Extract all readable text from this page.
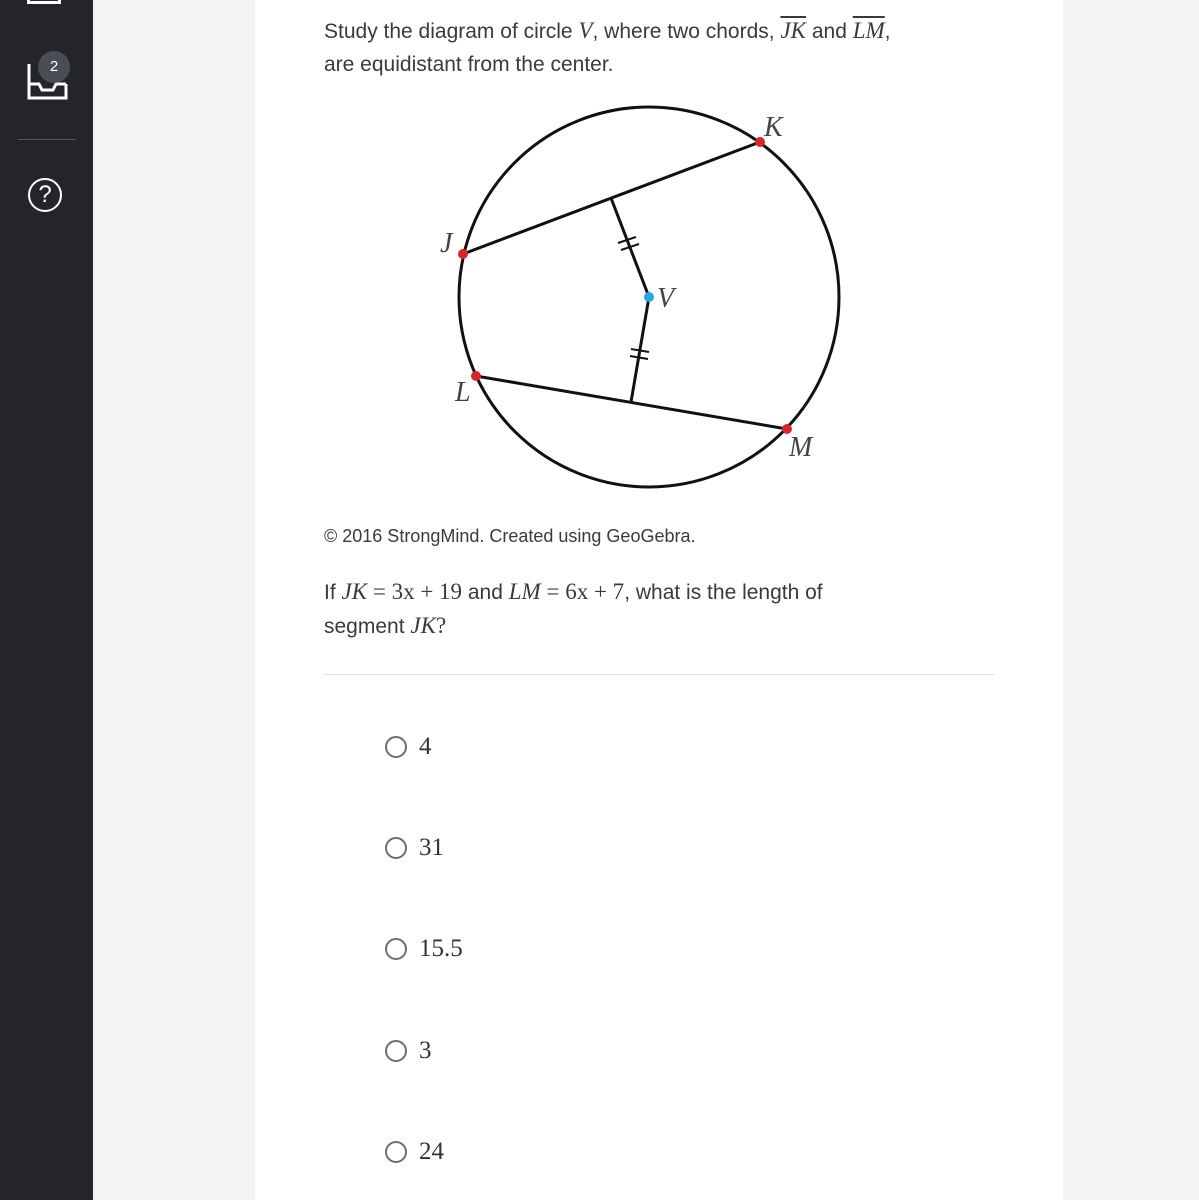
2
?
Study the diagram of circle V, where two chords, $\overline{JK}$ and $\overline{LM}$,
are equidistant from the center.
J
K
L
M
V
© 2016 StrongMind. Created using GeoGebra.
If JK = 3x + 19 and LM = 6x + 7, what is the length of
segment JK?
4
31
15.5
3
24
